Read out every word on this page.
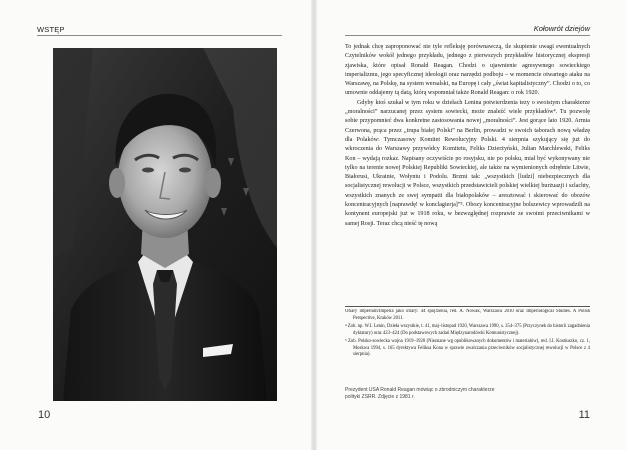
WSTĘP
10
Kołowrót dziejów

To jednak chcę zaproponować nie tyle refleksję porównawczą, ile skupienie uwagi ewentualnych Czytelników wokół jednego przykładu, jednego z pierwszych przykładów historycznej ekspresji zjawiska, które opisał Ronald Reagan. Chodzi o ujawnienie agresywnego sowieckiego imperializmu, jego specyficznej ideologii oraz narzędzi podboju – w momencie otwartego ataku na Warszawę, na Polskę, na system wersalski, na Europę i cały „świat kapitalistyczny”. Chodzi o to, co umownie oddajemy tą datą, którą wspomniał także Ronald Reagan: o rok 1920.

Gdyby ktoś szukał w tym roku w dziełach Lenina potwierdzenia tezy o swoistym charakterze „moralności” narzucanej przez system sowiecki, może znaleźć wiele przykładów⁴. Tu pozwolę sobie przypomnieć dwa konkretne zastosowania nowej „moralności”. Jest gorące lato 1920. Armia Czerwona, prąca przez „trupa białej Polski” na Berlin, prowadzi w swoich taborach nową władzę dla Polaków: Tymczasowy Komitet Rewolucyjny Polski. 4 sierpnia szykujący się już do wkroczenia do Warszawy przywódcy Komitetu, Feliks Dzierżyński, Julian Marchlewski, Feliks Kon – wydają rozkaz. Napisany oczywiście po rosyjsku, nie po polsku, miał być wykonywany nie tylko na terenie nowej Polskiej Republiki Sowieckiej, ale także na wymienionych odrębnie Litwie, Białorusi, Ukrainie, Wołyniu i Podolu. Brzmi tak: „wszystkich [ludzi] niebezpiecznych dla socjalistycznej rewolucji w Polsce, wszystkich przedstawicieli polskiej wielkiej burżuazji i szlachty, wszystkich znanych ze swej sympatii dla białopolaków – aresztować i skierować do obozów koncentracyjnych [naprawdę! w konclagierja]”⁵. Obozy koncentracyjne bolszewicy wprowadzili na kontynent europejski już w 1918 roku, w bezwzględnej rozprawie ze swoimi przeciwnikami w samej Rosji. Teraz chcą nieść tę nową

Ofiary imperium/Imperia jako ofiary: 44 spojrzenia, red. A. Nowak, Warszawa 2010 oraz Imperiological Studies. A Polish Perspective, Kraków 2011.

⁴ Zob. np. W.I. Lenin, Dzieła wszystkie, t. 41, maj–listopad 1920, Warszawa 1990, s. 354–375 (Przyczynek do historii zagadnienia dyktatury) oraz 423–424 (Do podstawowych zadań Międzynarodówki Komunistycznej).

⁵ Zob. Polsko-sowiecka wojna 1919–1920 (Nieznane wg opublikowanych dokumentów i materiałów), red. I.I. Kostiuszko, cz. 1, Moskwa 1994, s. 165 dyrektywa Feliksa Kona w sprawie zwalczania przeciwników socjalistycznej rewolucji w Polsce z 4 sierpnia).

Prezydent USA Ronald Reagan mówiąc o zbrodniczym charakterze polityki ZSRR. Zdjęcie z 1981 r.
11
